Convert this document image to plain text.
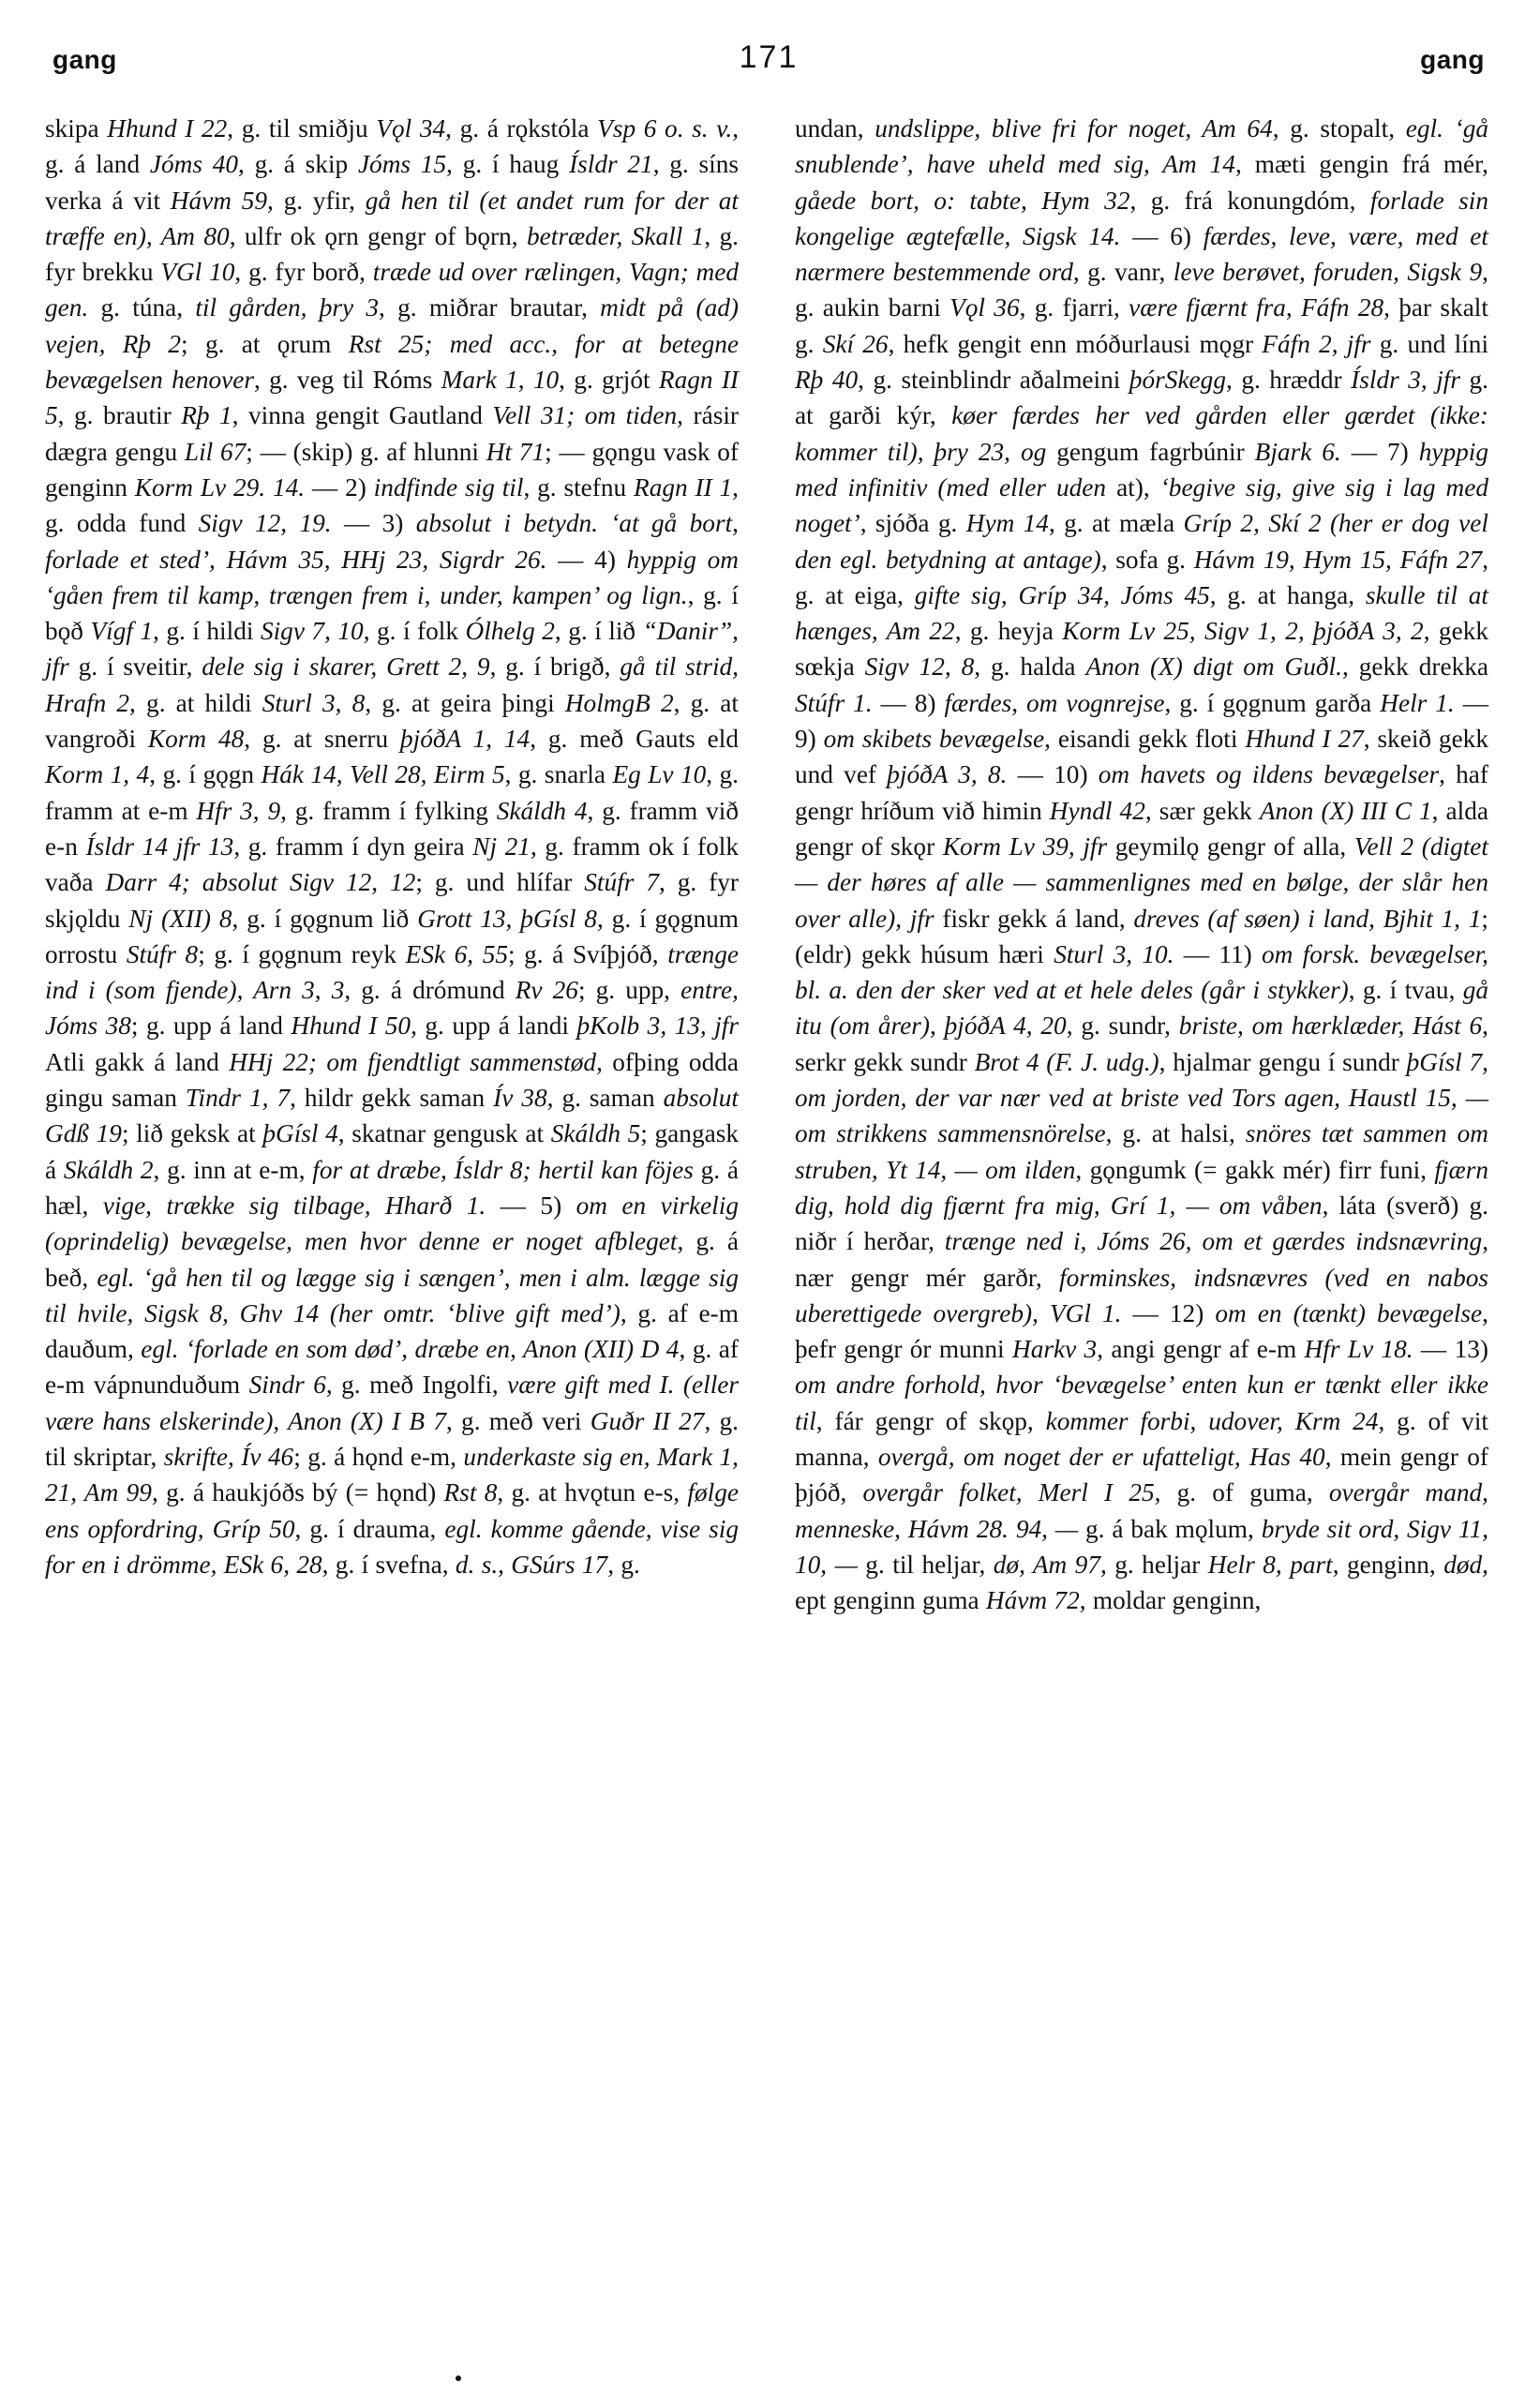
gang	171	gang

skipa Hhund I 22, g. til smiðju Vǫl 34, g. á rǫkstóla Vsp 6 o. s. v., g. á land Jóms 40, g. á skip Jóms 15, g. í haug Ísldr 21, g. síns verka á vit Hávm 59, g. yfir, gå hen til (et andet rum for der at træffe en), Am 80, ulfr ok ǫrn gengr of bǫrn, betræder, Skall 1, g. fyr brekku VGl 10, g. fyr borð, træde ud over rælingen, Vagn; med gen. g. túna, til gården, þry 3, g. miðrar brautar, midt på (ad) vejen, Rþ 2; g. at ǫrum Rst 25; med acc., for at betegne bevægelsen henover, g. veg til Róms Mark 1, 10, g. grjót Ragn II 5, g. brautir Rþ 1, vinna gengit Gautland Vell 31; om tiden, rásir dægra gengu Lil 67; — (skip) g. af hlunni Ht 71; — gǫngu vask of genginn Korm Lv 29. 14. — 2) indfinde sig til, g. stefnu Ragn II 1, g. odda fund Sigv 12, 19. — 3) absolut i betydn. ‘at gå bort, forlade et sted’, Hávm 35, HHj 23, Sigrdr 26. — 4) hyppig om ‘gåen frem til kamp, trængen frem i, under, kampen’ og lign., g. í bǫð Vígf 1, g. í hildi Sigv 7, 10, g. í folk Ólhelg 2, g. í lið “Danir”, jfr g. í sveitir, dele sig i skarer, Grett 2, 9, g. í brigð, gå til strid, Hrafn 2, g. at hildi Sturl 3, 8, g. at geira þingi HolmgB 2, g. at vangroði Korm 48, g. at snerru þjóðA 1, 14, g. með Gauts eld Korm 1, 4, g. í gǫgn Hák 14, Vell 28, Eirm 5, g. snarla Eg Lv 10, g. framm at e-m Hfr 3, 9, g. framm í fylking Skáldh 4, g. framm við e-n Ísldr 14 jfr 13, g. framm í dyn geira Nj 21, g. framm ok í folk vaða Darr 4; absolut Sigv 12, 12; g. und hlífar Stúfr 7, g. fyr skjǫldu Nj (XII) 8, g. í gǫgnum lið Grott 13, þGísl 8, g. í gǫgnum orrostu Stúfr 8; g. í gǫgnum reyk ESk 6, 55; g. á Svíþjóð, trænge ind i (som fjende), Arn 3, 3, g. á drómund Rv 26; g. upp, entre, Jóms 38; g. upp á land Hhund I 50, g. upp á landi þKolb 3, 13, jfr Atli gakk á land HHj 22; om fjendtligt sammenstød, ofþing odda gingu saman Tindr 1, 7, hildr gekk saman Ív 38, g. saman absolut Gdß 19; lið geksk at þGísl 4, skatnar gengusk at Skáldh 5; gangask á Skáldh 2, g. inn at e-m, for at dræbe, Ísldr 8; hertil kan föjes g. á hæl, vige, trække sig tilbage, Hharð 1. — 5) om en virkelig (oprindelig) bevægelse, men hvor denne er noget afbleget, g. á beð, egl. ‘gå hen til og lægge sig i sængen’, men i alm. lægge sig til hvile, Sigsk 8, Ghv 14 (her omtr. ‘blive gift med’), g. af e-m dauðum, egl. ‘forlade en som død’, dræbe en, Anon (XII) D 4, g. af e-m vápnunduðum Sindr 6, g. með Ingolfi, være gift med I. (eller være hans elskerinde), Anon (X) I B 7, g. með veri Guðr II 27, g. til skriptar, skrifte, Ív 46; g. á hǫnd e-m, underkaste sig en, Mark 1, 21, Am 99, g. á haukjóðs bý (= hǫnd) Rst 8, g. at hvǫtun e-s, følge ens opfordring, Gríp 50, g. í drauma, egl. komme gående, vise sig for en i drömme, ESk 6, 28, g. í svefna, d. s., GSúrs 17, g.

undan, undslippe, blive fri for noget, Am 64, g. stopalt, egl. ‘gå snublende’, have uheld med sig, Am 14, mæti gengin frá mér, gåede bort, o: tabte, Hym 32, g. frá konungdóm, forlade sin kongelige ægtefælle, Sigsk 14. — 6) færdes, leve, være, med et nærmere bestemmende ord, g. vanr, leve berøvet, foruden, Sigsk 9, g. aukin barni Vǫl 36, g. fjarri, være fjærnt fra, Fáfn 28, þar skalt g. Skí 26, hefk gengit enn móðurlausi mǫgr Fáfn 2, jfr g. und líni Rþ 40, g. steinblindr aðalmeini þórSkegg, g. hræddr Ísldr 3, jfr g. at garði kýr, køer færdes her ved gården eller gærdet (ikke: kommer til), þry 23, og gengum fagrbúnir Bjark 6. — 7) hyppig med infinitiv (med eller uden at), ‘begive sig, give sig i lag med noget’, sjóða g. Hym 14, g. at mæla Gríp 2, Skí 2 (her er dog vel den egl. betydning at antage), sofa g. Hávm 19, Hym 15, Fáfn 27, g. at eiga, gifte sig, Gríp 34, Jóms 45, g. at hanga, skulle til at hænges, Am 22, g. heyja Korm Lv 25, Sigv 1, 2, þjóðA 3, 2, gekk sœkja Sigv 12, 8, g. halda Anon (X) digt om Guðl., gekk drekka Stúfr 1. — 8) færdes, om vognrejse, g. í gǫgnum garða Helr 1. — 9) om skibets bevægelse, eisandi gekk floti Hhund I 27, skeið gekk und vef þjóðA 3, 8. — 10) om havets og ildens bevægelser, haf gengr hríðum við himin Hyndl 42, sær gekk Anon (X) III C 1, alda gengr of skǫr Korm Lv 39, jfr geymilǫ gengr of alla, Vell 2 (digtet — der høres af alle — sammenlignes med en bølge, der slår hen over alle), jfr fiskr gekk á land, dreves (af søen) i land, Bjhit 1, 1; (eldr) gekk húsum hæri Sturl 3, 10. — 11) om forsk. bevægelser, bl. a. den der sker ved at et hele deles (går i stykker), g. í tvau, gå itu (om årer), þjóðA 4, 20, g. sundr, briste, om hærklæder, Hást 6, serkr gekk sundr Brot 4 (F. J. udg.), hjalmar gengu í sundr þGísl 7, om jorden, der var nær ved at briste ved Tors agen, Haustl 15, — om strikkens sammensnörelse, g. at halsi, snöres tæt sammen om struben, Yt 14, — om ilden, gǫngumk (= gakk mér) firr funi, fjærn dig, hold dig fjærnt fra mig, Grí 1, — om våben, láta (sverð) g. niðr í herðar, trænge ned i, Jóms 26, om et gærdes indsnævring, nær gengr mér garðr, forminskes, indsnævres (ved en nabos uberettigede overgreb), VGl 1. — 12) om en (tænkt) bevægelse, þefr gengr ór munni Harkv 3, angi gengr af e-m Hfr Lv 18. — 13) om andre forhold, hvor ‘bevægelse’ enten kun er tænkt eller ikke til, fár gengr of skǫp, kommer forbi, udover, Krm 24, g. of vit manna, overgå, om noget der er ufatteligt, Has 40, mein gengr of þjóð, overgår folket, Merl I 25, g. of guma, overgår mand, menneske, Hávm 28. 94, — g. á bak mǫlum, bryde sit ord, Sigv 11, 10, — g. til heljar, dø, Am 97, g. heljar Helr 8, part, genginn, død, ept genginn guma Hávm 72, moldar genginn,
